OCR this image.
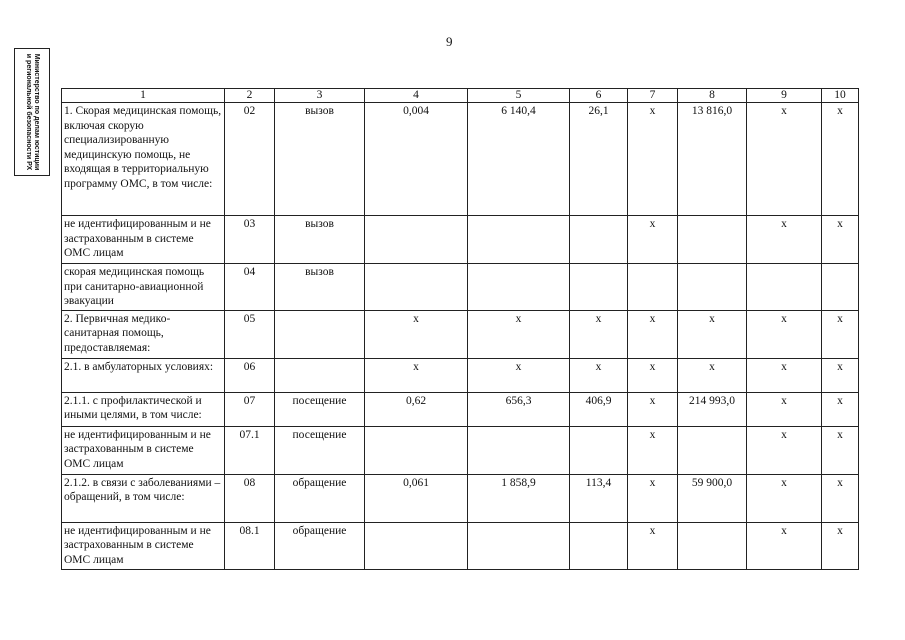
9
Министерство по делам юстиции и региональной безопасности РХ	1	2	3	4	5	6	7	8	9	10
1. Скорая медицинская помощь, включая скорую специализированную медицинскую помощь, не входящая в территориальную программу ОМС, в том числе:	02	вызов	0,004	6 140,4	26,1	х	13 816,0	х	х
не идентифицированным и не застрахованным в системе ОМС лицам	03	вызов				х		х	х
скорая медицинская помощь при санитарно-авиационной эвакуации	04	вызов							
2. Первичная медико-санитарная помощь, предоставляемая:	05		х	х	х	х	х	х	х
2.1. в амбулаторных условиях:	06		х	х	х	х	х	х	х
2.1.1. с профилактической и иными целями, в том числе:	07	посещение	0,62	656,3	406,9	х	214 993,0	х	х
не идентифицированным и не застрахованным в системе ОМС лицам	07.1	посещение				х		х	х
2.1.2. в связи с заболеваниями – обращений, в том числе:	08	обращение	0,061	1 858,9	113,4	х	59 900,0	х	х
не идентифицированным и не застрахованным в системе ОМС лицам	08.1	обращение				х		х	х
